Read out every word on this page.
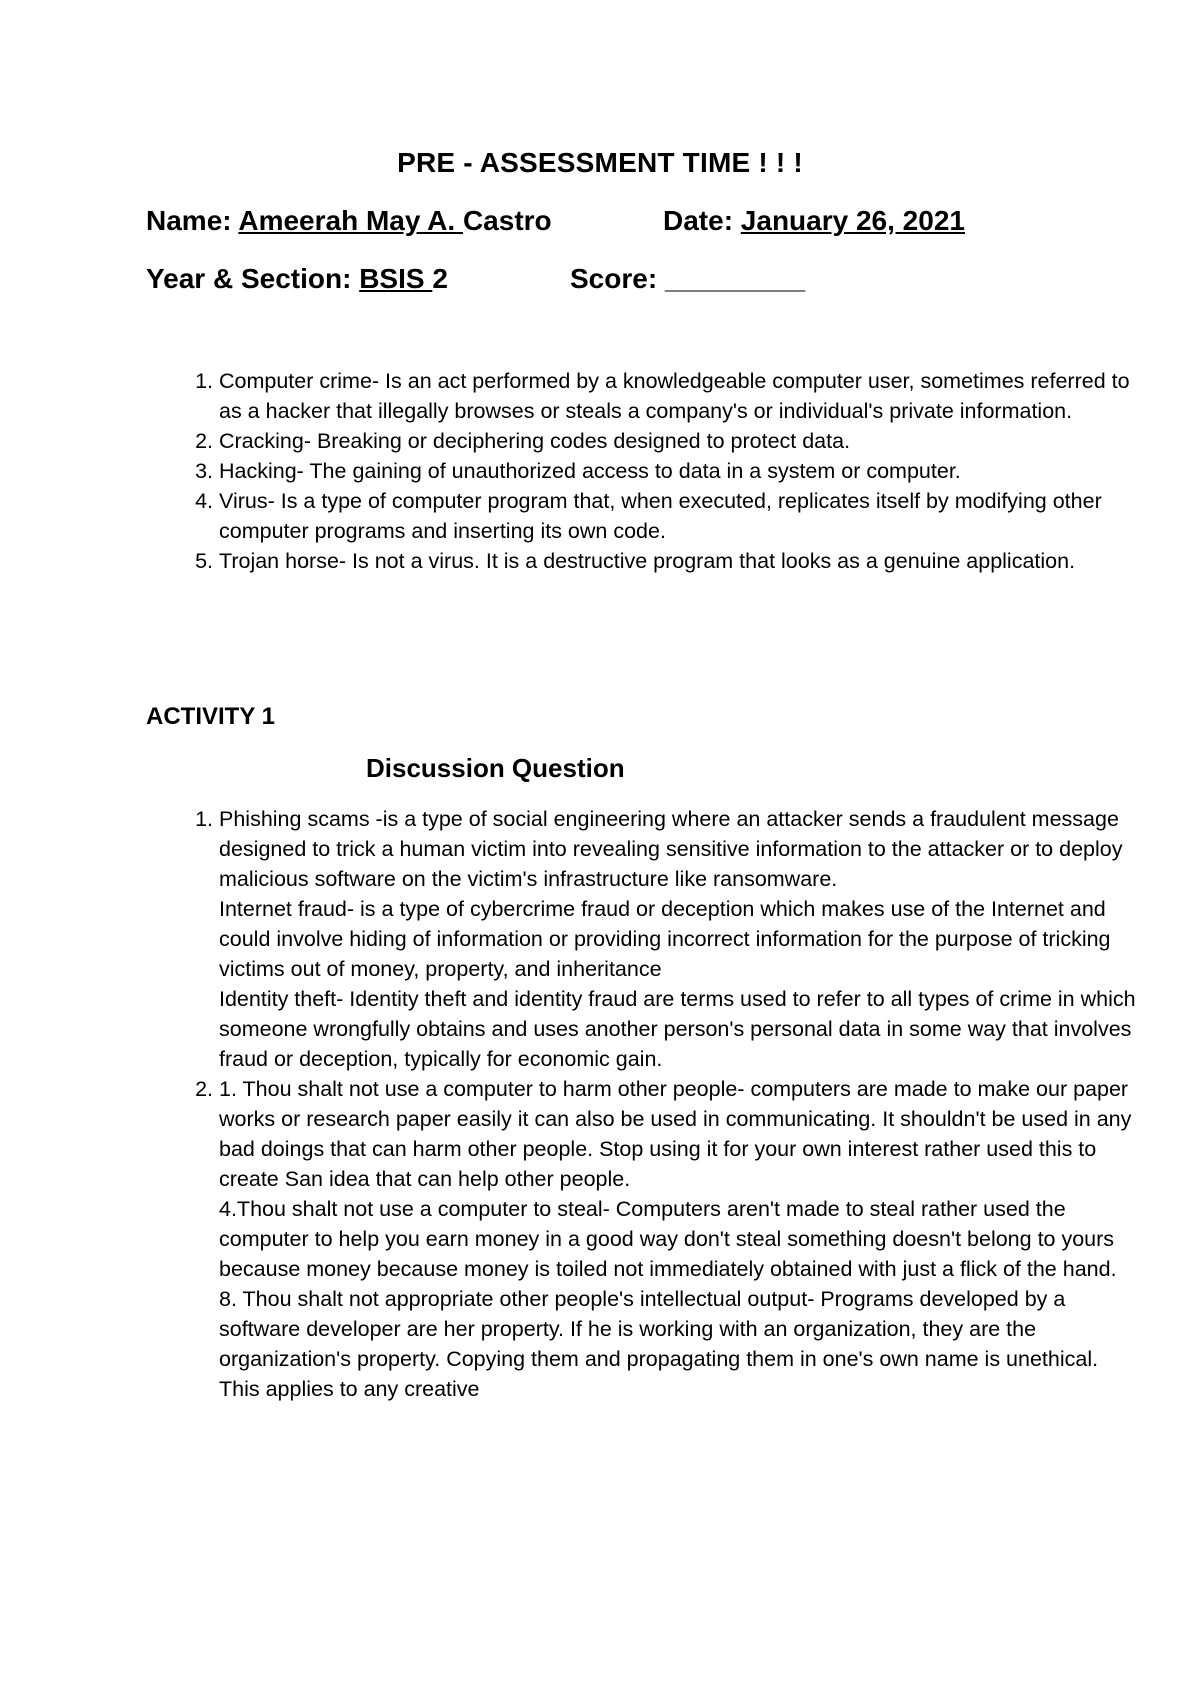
PRE - ASSESSMENT TIME ! ! !
Name: Ameerah May A. Castro	Date: January 26, 2021
Year & Section: BSIS 2	Score: _________
1. Computer crime- Is an act performed by a knowledgeable computer user, sometimes referred to as a hacker that illegally browses or steals a company's or individual's private information.
2. Cracking- Breaking or deciphering codes designed to protect data.
3. Hacking- The gaining of unauthorized access to data in a system or computer.
4. Virus- Is a type of computer program that, when executed, replicates itself by modifying other computer programs and inserting its own code.
5. Trojan horse- Is not a virus. It is a destructive program that looks as a genuine application.
ACTIVITY 1
Discussion Question
1. Phishing scams -is a type of social engineering where an attacker sends a fraudulent message designed to trick a human victim into revealing sensitive information to the attacker or to deploy malicious software on the victim's infrastructure like ransomware.
Internet fraud- is a type of cybercrime fraud or deception which makes use of the Internet and could involve hiding of information or providing incorrect information for the purpose of tricking victims out of money, property, and inheritance
Identity theft- Identity theft and identity fraud are terms used to refer to all types of crime in which someone wrongfully obtains and uses another person's personal data in some way that involves fraud or deception, typically for economic gain.
2. 1. Thou shalt not use a computer to harm other people- computers are made to make our paper works or research paper easily it can also be used in communicating. It shouldn't be used in any bad doings that can harm other people. Stop using it for your own interest rather used this to create San idea that can help other people.
4.Thou shalt not use a computer to steal- Computers aren't made to steal rather used the computer to help you earn money in a good way don't steal something doesn't belong to yours because money because money is toiled not immediately obtained with just a flick of the hand.
8. Thou shalt not appropriate other people's intellectual output- Programs developed by a software developer are her property. If he is working with an organization, they are the organization's property. Copying them and propagating them in one's own name is unethical. This applies to any creative
